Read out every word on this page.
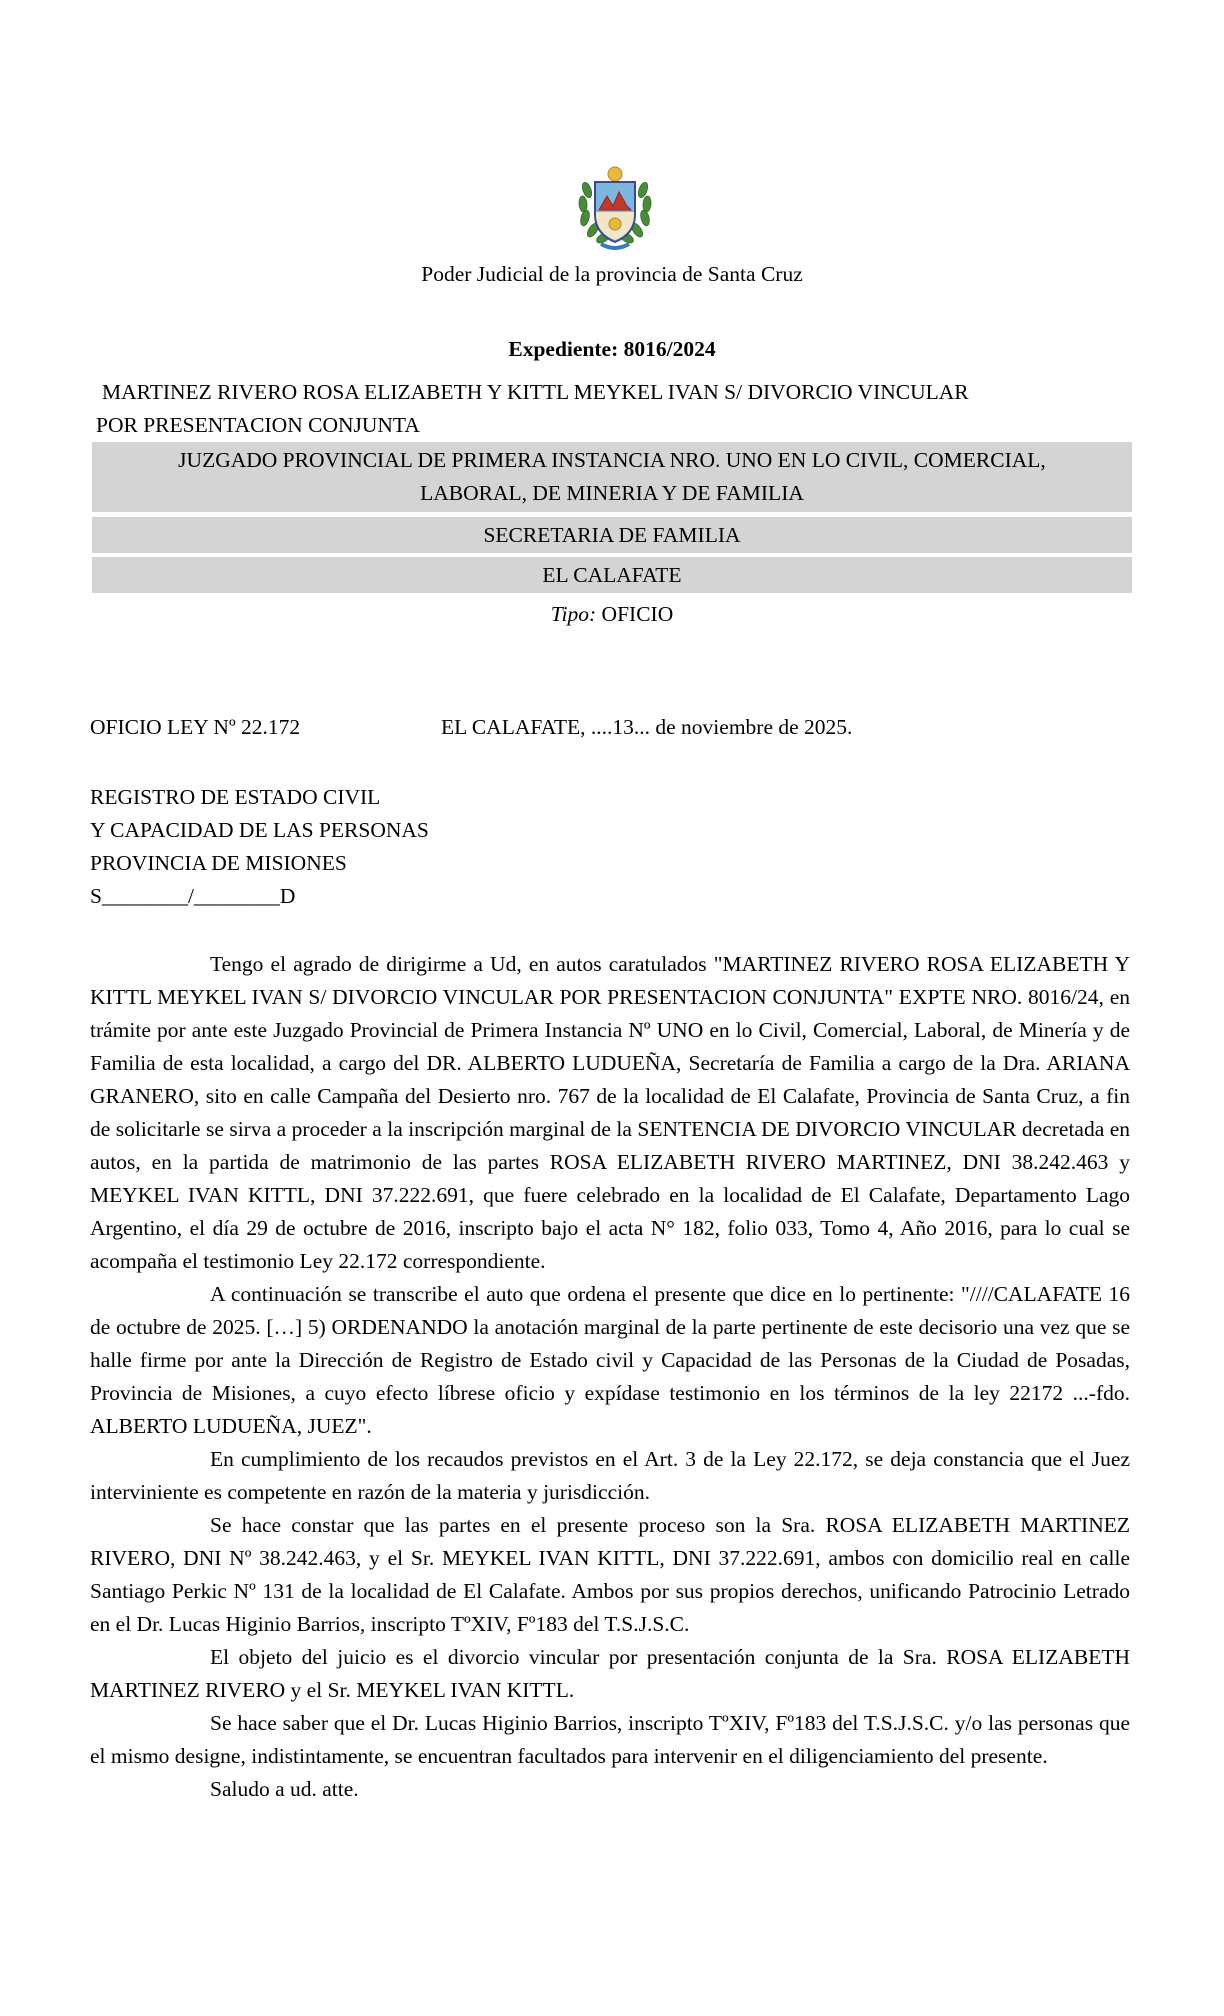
Poder Judicial de la provincia de Santa Cruz
Expediente: 8016/2024
MARTINEZ RIVERO ROSA ELIZABETH Y KITTL MEYKEL IVAN S/ DIVORCIO VINCULAR
POR PRESENTACION CONJUNTA
JUZGADO PROVINCIAL DE PRIMERA INSTANCIA NRO. UNO EN LO CIVIL, COMERCIAL,
LABORAL, DE MINERIA Y DE FAMILIA
SECRETARIA DE FAMILIA
EL CALAFATE
Tipo: OFICIO
OFICIO LEY Nº 22.172	EL CALAFATE, ....13... de noviembre de 2025.
REGISTRO DE ESTADO CIVIL
Y CAPACIDAD DE LAS PERSONAS
PROVINCIA DE MISIONES
S________/________D

Tengo el agrado de dirigirme a Ud, en autos caratulados "MARTINEZ RIVERO ROSA ELIZABETH Y KITTL MEYKEL IVAN S/ DIVORCIO VINCULAR POR PRESENTACION CONJUNTA" EXPTE NRO. 8016/24, en trámite por ante este Juzgado Provincial de Primera Instancia Nº UNO en lo Civil, Comercial, Laboral, de Minería y de Familia de esta localidad, a cargo del DR. ALBERTO LUDUEÑA, Secretaría de Familia a cargo de la Dra. ARIANA GRANERO, sito en calle Campaña del Desierto nro. 767 de la localidad de El Calafate, Provincia de Santa Cruz, a fin de solicitarle se sirva a proceder a la inscripción marginal de la SENTENCIA DE DIVORCIO VINCULAR decretada en autos, en la partida de matrimonio de las partes ROSA ELIZABETH RIVERO MARTINEZ, DNI 38.242.463 y MEYKEL IVAN KITTL, DNI 37.222.691, que fuere celebrado en la localidad de El Calafate, Departamento Lago Argentino, el día 29 de octubre de 2016, inscripto bajo el acta N° 182, folio 033, Tomo 4, Año 2016, para lo cual se acompaña el testimonio Ley 22.172 correspondiente.

A continuación se transcribe el auto que ordena el presente que dice en lo pertinente: "////CALAFATE 16 de octubre de 2025. […] 5) ORDENANDO la anotación marginal de la parte pertinente de este decisorio una vez que se halle firme por ante la Dirección de Registro de Estado civil y Capacidad de las Personas de la Ciudad de Posadas, Provincia de Misiones, a cuyo efecto líbrese oficio y expídase testimonio en los términos de la ley 22172 ...-fdo. ALBERTO LUDUEÑA, JUEZ".

En cumplimiento de los recaudos previstos en el Art. 3 de la Ley 22.172, se deja constancia que el Juez interviniente es competente en razón de la materia y jurisdicción.

Se hace constar que las partes en el presente proceso son la Sra. ROSA ELIZABETH MARTINEZ RIVERO, DNI Nº 38.242.463, y el Sr. MEYKEL IVAN KITTL, DNI 37.222.691, ambos con domicilio real en calle Santiago Perkic Nº 131 de la localidad de El Calafate. Ambos por sus propios derechos, unificando Patrocinio Letrado en el Dr. Lucas Higinio Barrios, inscripto TºXIV, Fº183 del T.S.J.S.C.

El objeto del juicio es el divorcio vincular por presentación conjunta de la Sra. ROSA ELIZABETH MARTINEZ RIVERO y el Sr. MEYKEL IVAN KITTL.

Se hace saber que el Dr. Lucas Higinio Barrios, inscripto TºXIV, Fº183 del T.S.J.S.C. y/o las personas que el mismo designe, indistintamente, se encuentran facultados para intervenir en el diligenciamiento del presente.

Saludo a ud. atte.
